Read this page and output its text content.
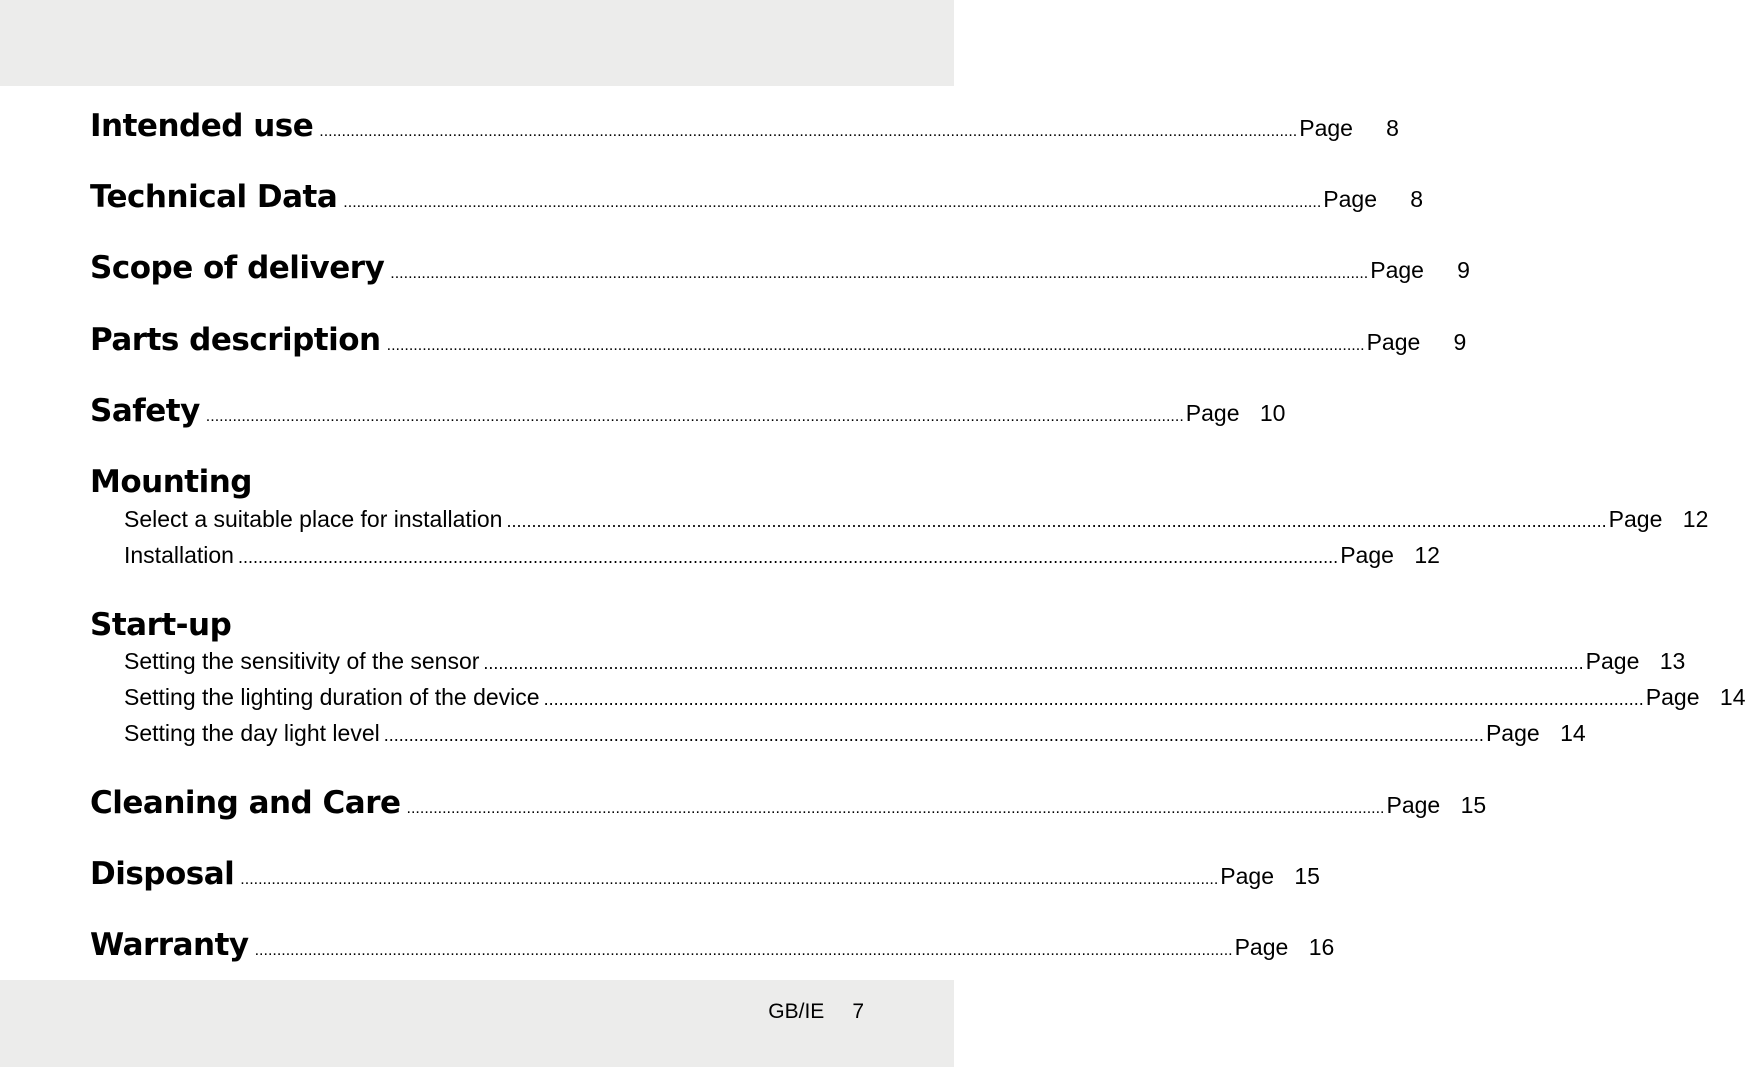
Intended use ............................................................................................................................................................................................................................ Page	8
Technical Data ............................................................................................................................................................................................................................ Page	8
Scope of delivery ............................................................................................................................................................................................................................ Page	9
Parts description ............................................................................................................................................................................................................................ Page	9
Safety ............................................................................................................................................................................................................................ Page 10
Mounting
Select a suitable place for installation ............................................................................................................................................................................................................................ Page 12
Installation ............................................................................................................................................................................................................................ Page 12
Start-up
Setting the sensitivity of the sensor ............................................................................................................................................................................................................................ Page 13
Setting the lighting duration of the device ............................................................................................................................................................................................................................ Page 14
Setting the day light level ............................................................................................................................................................................................................................ Page 14
Cleaning and Care ............................................................................................................................................................................................................................ Page 15
Disposal ............................................................................................................................................................................................................................ Page 15
Warranty ............................................................................................................................................................................................................................ Page 16
GB/IE 7
